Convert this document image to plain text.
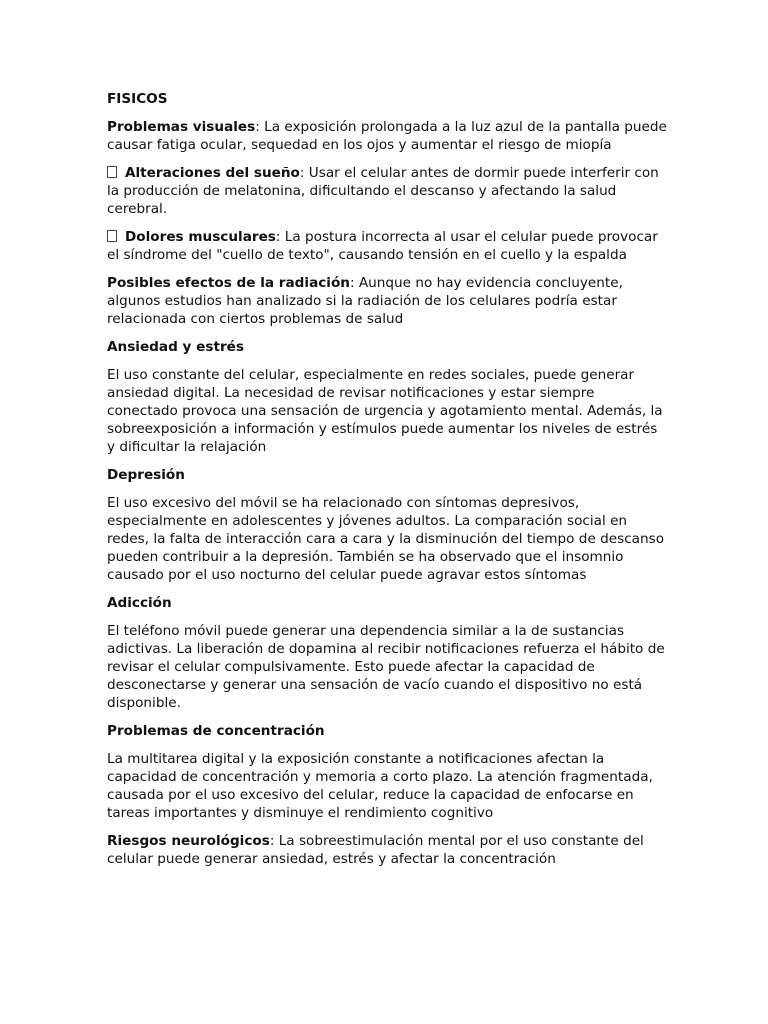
FISICOS

Problemas visuales: La exposición prolongada a la luz azul de la pantalla puede causar fatiga ocular, sequedad en los ojos y aumentar el riesgo de miopía

Alteraciones del sueño: Usar el celular antes de dormir puede interferir con la producción de melatonina, dificultando el descanso y afectando la salud cerebral.

Dolores musculares: La postura incorrecta al usar el celular puede provocar el síndrome del "cuello de texto", causando tensión en el cuello y la espalda

Posibles efectos de la radiación: Aunque no hay evidencia concluyente, algunos estudios han analizado si la radiación de los celulares podría estar relacionada con ciertos problemas de salud

Ansiedad y estrés

El uso constante del celular, especialmente en redes sociales, puede generar ansiedad digital. La necesidad de revisar notificaciones y estar siempre conectado provoca una sensación de urgencia y agotamiento mental. Además, la sobreexposición a información y estímulos puede aumentar los niveles de estrés y dificultar la relajación

Depresión

El uso excesivo del móvil se ha relacionado con síntomas depresivos, especialmente en adolescentes y jóvenes adultos. La comparación social en redes, la falta de interacción cara a cara y la disminución del tiempo de descanso pueden contribuir a la depresión. También se ha observado que el insomnio causado por el uso nocturno del celular puede agravar estos síntomas

Adicción

El teléfono móvil puede generar una dependencia similar a la de sustancias adictivas. La liberación de dopamina al recibir notificaciones refuerza el hábito de revisar el celular compulsivamente. Esto puede afectar la capacidad de desconectarse y generar una sensación de vacío cuando el dispositivo no está disponible.

Problemas de concentración

La multitarea digital y la exposición constante a notificaciones afectan la capacidad de concentración y memoria a corto plazo. La atención fragmentada, causada por el uso excesivo del celular, reduce la capacidad de enfocarse en tareas importantes y disminuye el rendimiento cognitivo

Riesgos neurológicos: La sobreestimulación mental por el uso constante del celular puede generar ansiedad, estrés y afectar la concentración
